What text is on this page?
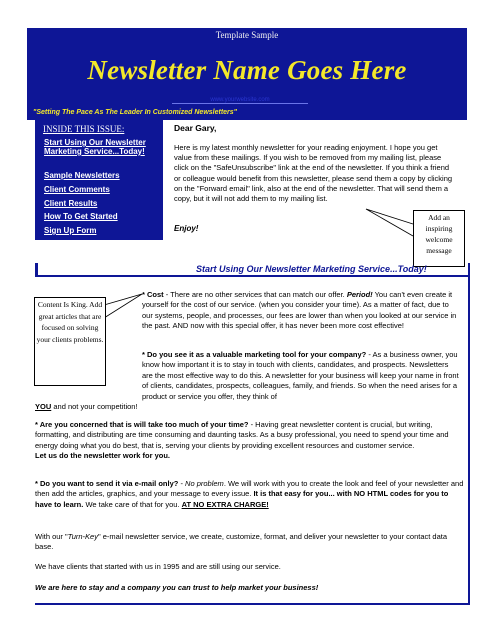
Template Sample
Newsletter Name Goes Here
www.yourwebsite.com
"Setting The Pace As The Leader In Customized Newsletters"
INSIDE THIS ISSUE:
Start Using Our Newsletter Marketing Service...Today!
Sample Newsletters
Client Comments
Client Results
How To Get Started
Sign Up Form
Dear Gary,

Here is my latest monthly newsletter for your reading enjoyment. I hope you get value from these mailings. If you wish to be removed from my mailing list, please click on the "SafeUnsubscribe" link at the end of the newsletter. If you think a friend or colleague would benefit from this newsletter, please send them a copy by clicking on the "Forward email" link, also at the end of the newsletter. That will send them a copy, but it will not add them to my mailing list.

Enjoy!
Add an inspiring welcome message
Start Using Our Newsletter Marketing Service...Today!
Content Is King. Add great articles that are focused on solving your clients problems.

* Cost - There are no other services that can match our offer. Period! You can't even create it yourself for the cost of our service. (when you consider your time). As a matter of fact, due to our systems, people, and processes, our fees are lower than when you looked at our service in the past. AND now with this special offer, it has never been more cost effective!

* Do you see it as a valuable marketing tool for your company? - As a business owner, you know how important it is to stay in touch with clients, candidates, and prospects. Newsletters are the most effective way to do this. A newsletter for your business will keep your name in front of clients, candidates, prospects, colleagues, family, and friends. So when the need arises for a product or service you offer, they think of

YOU and not your competition!

* Are you concerned that is will take too much of your time? - Having great newsletter content is crucial, but writing, formatting, and distributing are time consuming and daunting tasks. As a busy professional, you need to spend your time and energy doing what you do best, that is, serving your clients by providing excellent resources and customer service.
Let us do the newsletter work for you.

* Do you want to send it via e-mail only? - No problem. We will work with you to create the look and feel of your newsletter and then add the articles, graphics, and your message to every issue. It is that easy for you... with NO HTML codes for you to have to learn. We take care of that for you. AT NO EXTRA CHARGE!

With our "Turn-Key" e-mail newsletter service, we create, customize, format, and deliver your newsletter to your contact data base.

We have clients that started with us in 1995 and are still using our service.

We are here to stay and a company you can trust to help market your business!
